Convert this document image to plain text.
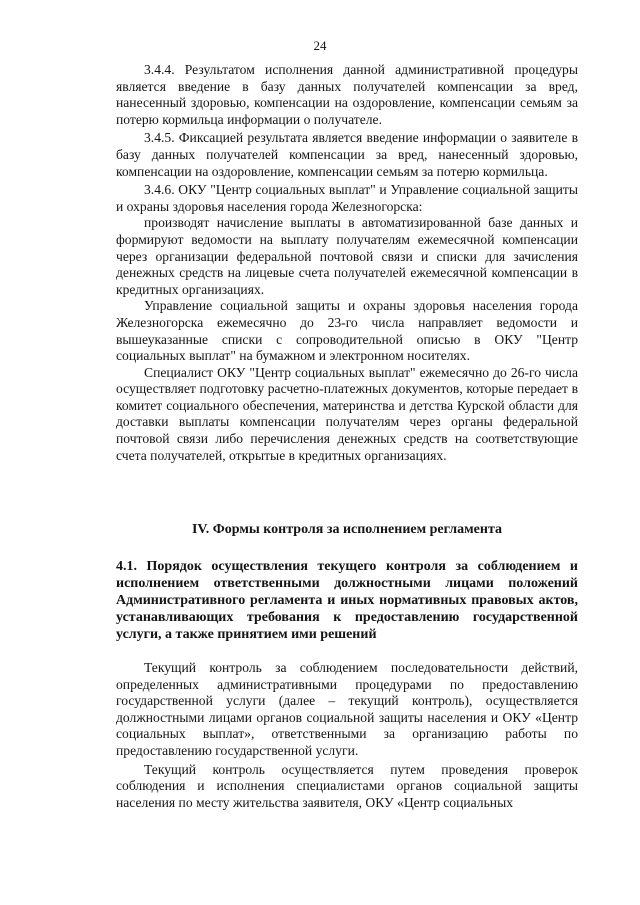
24

3.4.4. Результатом исполнения данной административной процедуры является введение в базу данных получателей компенсации за вред, нанесенный здоровью, компенсации на оздоровление, компенсации семьям за потерю кормильца информации о получателе.

3.4.5. Фиксацией результата является введение информации о заявителе в базу данных получателей компенсации за вред, нанесенный здоровью, компенсации на оздоровление, компенсации семьям за потерю кормильца.

3.4.6. ОКУ "Центр социальных выплат" и Управление социальной защиты и охраны здоровья населения города Железногорска:

производят начисление выплаты в автоматизированной базе данных и формируют ведомости на выплату получателям ежемесячной компенсации через организации федеральной почтовой связи и списки для зачисления денежных средств на лицевые счета получателей ежемесячной компенсации в кредитных организациях.

Управление социальной защиты и охраны здоровья населения города Железногорска ежемесячно до 23-го числа направляет ведомости и вышеуказанные списки с сопроводительной описью в ОКУ "Центр социальных выплат" на бумажном и электронном носителях.

Специалист ОКУ "Центр социальных выплат" ежемесячно до 26-го числа осуществляет подготовку расчетно-платежных документов, которые передает в комитет социального обеспечения, материнства и детства Курской области для доставки выплаты компенсации получателям через органы федеральной почтовой связи либо перечисления денежных средств на соответствующие счета получателей, открытые в кредитных организациях.

IV. Формы контроля за исполнением регламента

4.1. Порядок осуществления текущего контроля за соблюдением и исполнением ответственными должностными лицами положений Административного регламента и иных нормативных правовых актов, устанавливающих требования к предоставлению государственной услуги, а также принятием ими решений

Текущий контроль за соблюдением последовательности действий, определенных административными процедурами по предоставлению государственной услуги (далее – текущий контроль), осуществляется должностными лицами органов социальной защиты населения и ОКУ «Центр социальных выплат», ответственными за организацию работы по предоставлению государственной услуги.

Текущий контроль осуществляется путем проведения проверок соблюдения и исполнения специалистами органов социальной защиты населения по месту жительства заявителя, ОКУ «Центр социальных
